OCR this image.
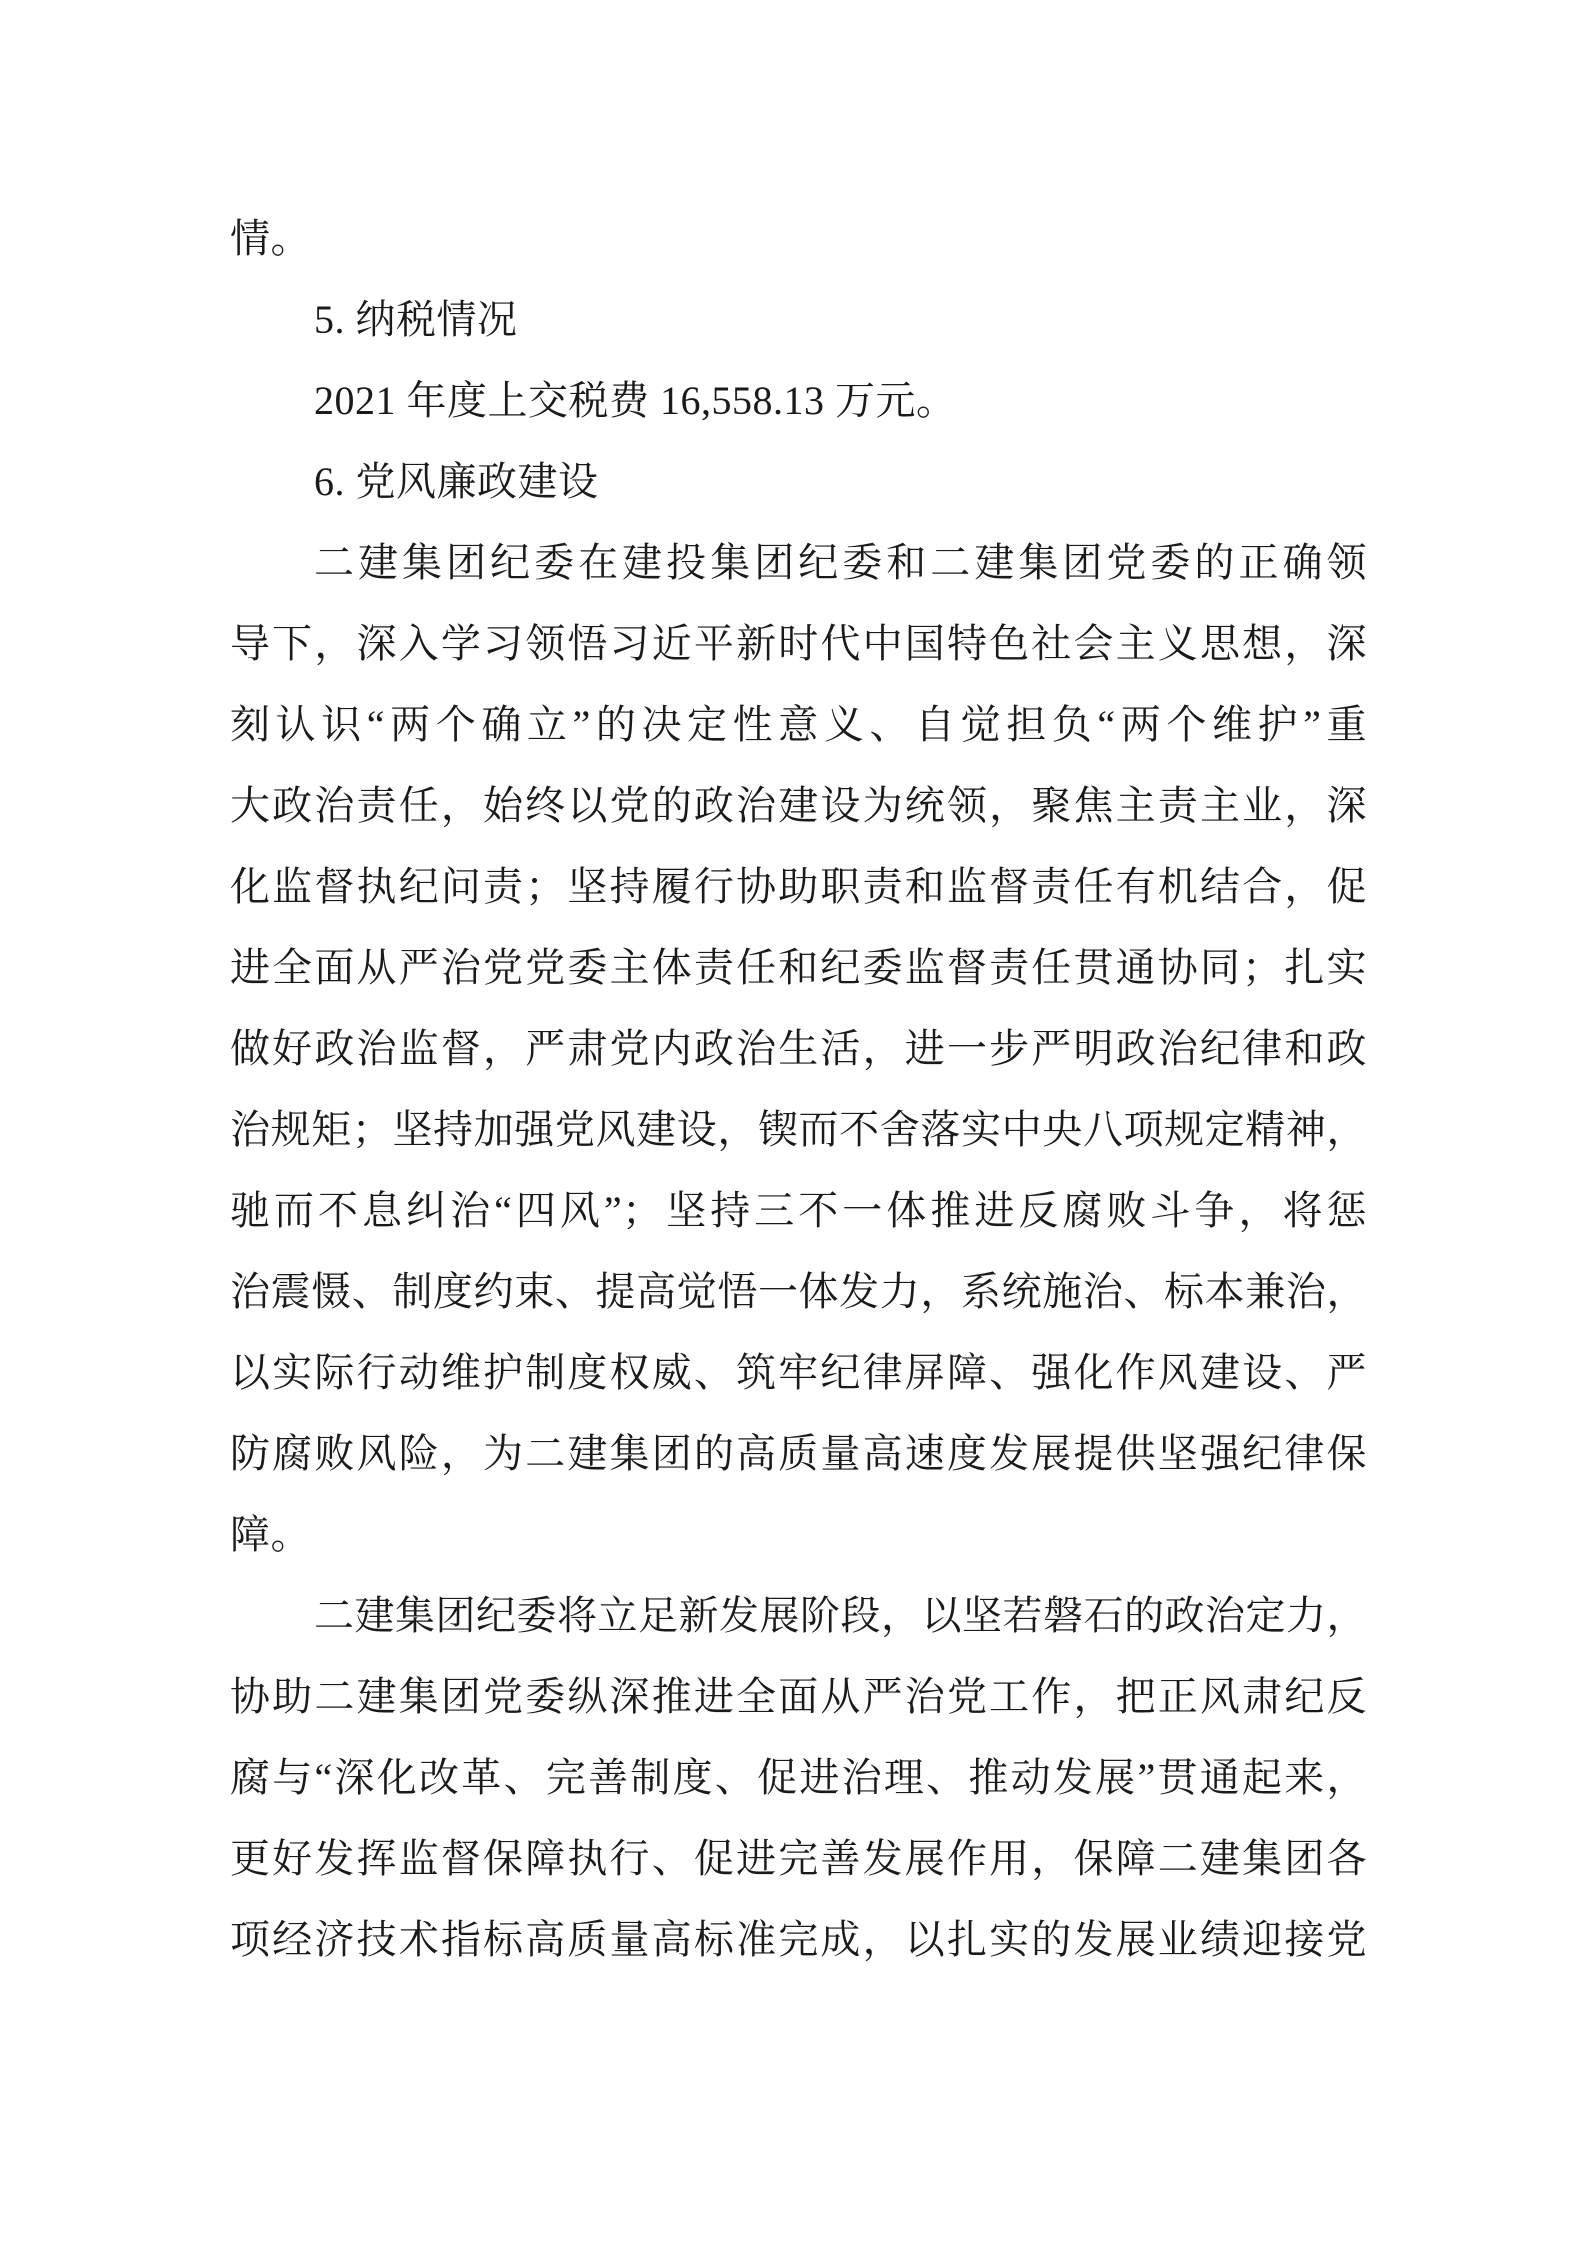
情。
5. 纳税情况
2021 年度上交税费 16,558.13 万元。
6. 党风廉政建设
二建集团纪委在建投集团纪委和二建集团党委的正确领
导下，深入学习领悟习近平新时代中国特色社会主义思想，深
刻认识“两个确立”的决定性意义、自觉担负“两个维护”重
大政治责任，始终以党的政治建设为统领，聚焦主责主业，深
化监督执纪问责；坚持履行协助职责和监督责任有机结合，促
进全面从严治党党委主体责任和纪委监督责任贯通协同；扎实
做好政治监督，严肃党内政治生活，进一步严明政治纪律和政
治规矩；坚持加强党风建设，锲而不舍落实中央八项规定精神，
驰而不息纠治“四风”；坚持三不一体推进反腐败斗争，将惩
治震慑、制度约束、提高觉悟一体发力，系统施治、标本兼治，
以实际行动维护制度权威、筑牢纪律屏障、强化作风建设、严
防腐败风险，为二建集团的高质量高速度发展提供坚强纪律保
障。
二建集团纪委将立足新发展阶段，以坚若磐石的政治定力，
协助二建集团党委纵深推进全面从严治党工作，把正风肃纪反
腐与“深化改革、完善制度、促进治理、推动发展”贯通起来，
更好发挥监督保障执行、促进完善发展作用，保障二建集团各
项经济技术指标高质量高标准完成，以扎实的发展业绩迎接党
